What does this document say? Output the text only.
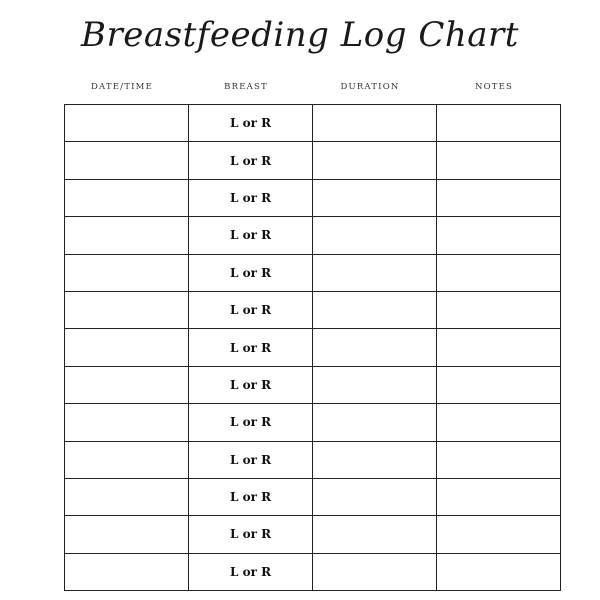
Breastfeeding Log Chart
DATE/TIME	BREAST	DURATION	NOTES
	L or R		
	L or R		
	L or R		
	L or R		
	L or R		
	L or R		
	L or R		
	L or R		
	L or R		
	L or R		
	L or R		
	L or R		
	L or R		
